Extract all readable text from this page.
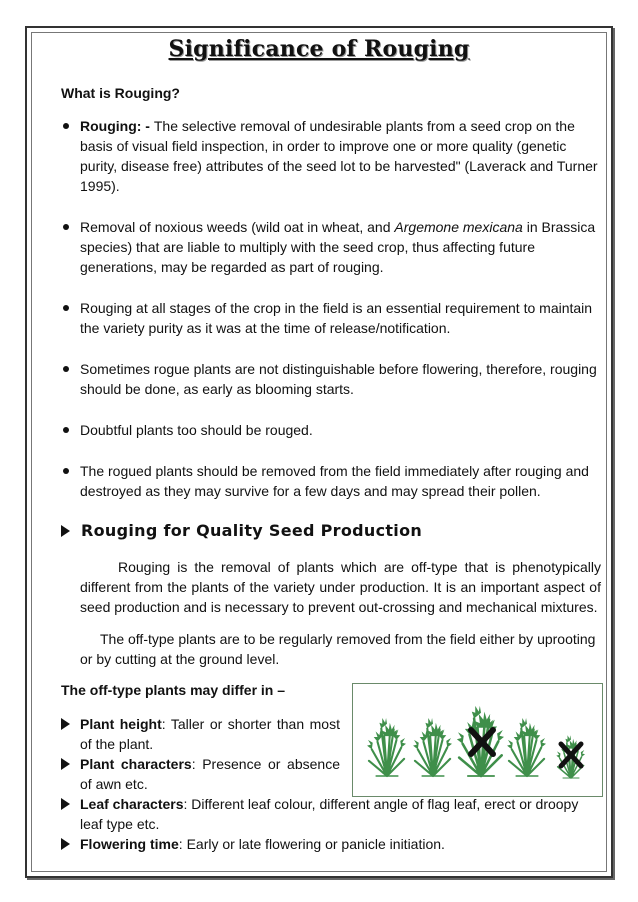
Significance of Rouging

What is Rouging?

Rouging: - The selective removal of undesirable plants from a seed crop on the basis of visual field inspection, in order to improve one or more quality (genetic purity, disease free) attributes of the seed lot to be harvested" (Laverack and Turner 1995).
Removal of noxious weeds (wild oat in wheat, and Argemone mexicana in Brassica species) that are liable to multiply with the seed crop, thus affecting future generations, may be regarded as part of rouging.
Rouging at all stages of the crop in the field is an essential requirement to maintain the variety purity as it was at the time of release/notification.
Sometimes rogue plants are not distinguishable before flowering, therefore, rouging should be done, as early as blooming starts.
Doubtful plants too should be rouged.
The rogued plants should be removed from the field immediately after rouging and destroyed as they may survive for a few days and may spread their pollen.
Rouging for Quality Seed Production

Rouging is the removal of plants which are off-type that is phenotypically different from the plants of the variety under production. It is an important aspect of seed production and is necessary to prevent out-crossing and mechanical mixtures.

The off-type plants are to be regularly removed from the field either by uprooting or by cutting at the ground level.

The off-type plants may differ in –

Plant height: Taller or shorter than most of the plant.
Plant characters: Presence or absence of awn etc.
Leaf characters: Different leaf colour, different angle of flag leaf, erect or droopy leaf type etc.
Flowering time: Early or late flowering or panicle initiation.
